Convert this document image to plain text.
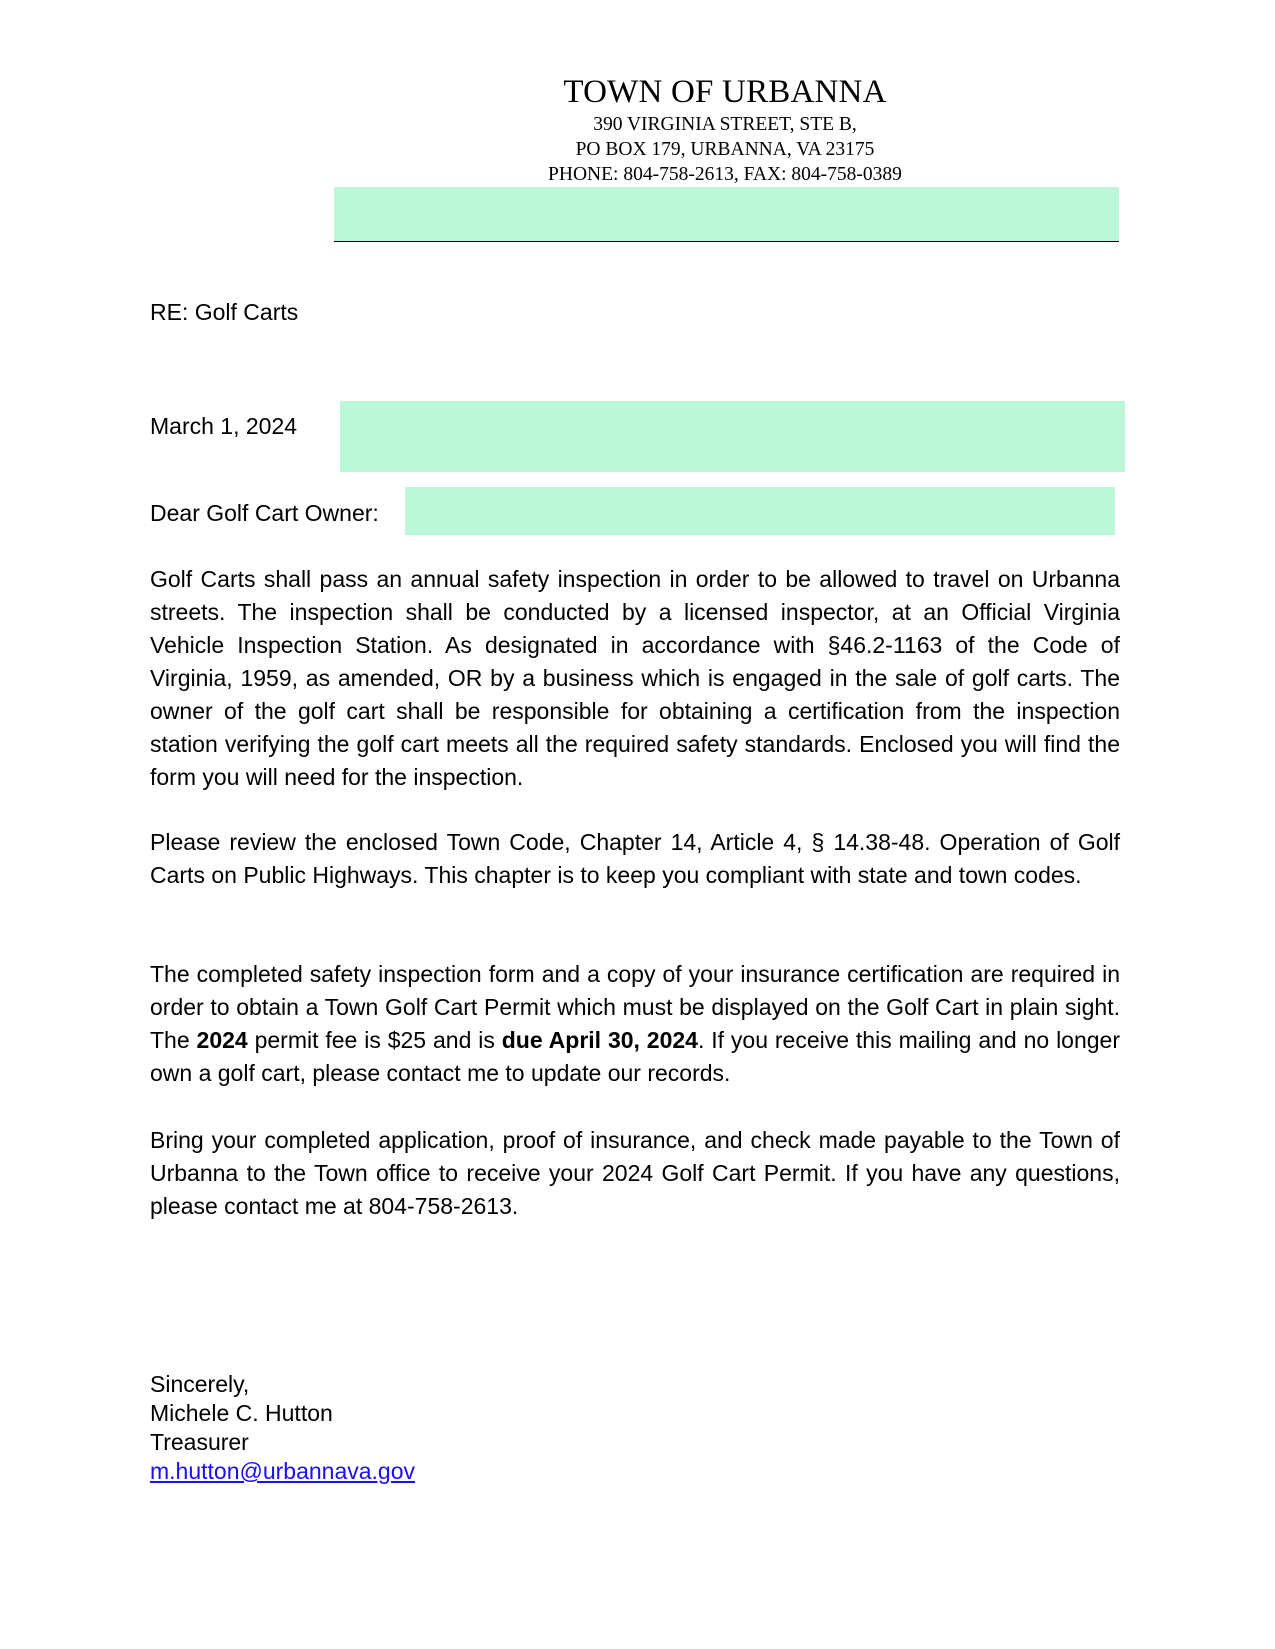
TOWN OF URBANNA
390 VIRGINIA STREET, STE B,
PO BOX 179, URBANNA, VA 23175
PHONE: 804-758-2613, FAX: 804-758-0389
RE: Golf Carts
March 1, 2024
Dear Golf Cart Owner:

Golf Carts shall pass an annual safety inspection in order to be allowed to travel on Urbanna streets. The inspection shall be conducted by a licensed inspector, at an Official Virginia Vehicle Inspection Station. As designated in accordance with §46.2-1163 of the Code of Virginia, 1959, as amended, OR by a business which is engaged in the sale of golf carts. The owner of the golf cart shall be responsible for obtaining a certification from the inspection station verifying the golf cart meets all the required safety standards. Enclosed you will find the form you will need for the inspection.

Please review the enclosed Town Code, Chapter 14, Article 4, § 14.38-48. Operation of Golf Carts on Public Highways. This chapter is to keep you compliant with state and town codes.

The completed safety inspection form and a copy of your insurance certification are required in order to obtain a Town Golf Cart Permit which must be displayed on the Golf Cart in plain sight. The 2024 permit fee is $25 and is due April 30, 2024. If you receive this mailing and no longer own a golf cart, please contact me to update our records.

Bring your completed application, proof of insurance, and check made payable to the Town of Urbanna to the Town office to receive your 2024 Golf Cart Permit. If you have any questions, please contact me at 804-758-2613.

Sincerely,
Michele C. Hutton
Treasurer
m.hutton@urbannava.gov
